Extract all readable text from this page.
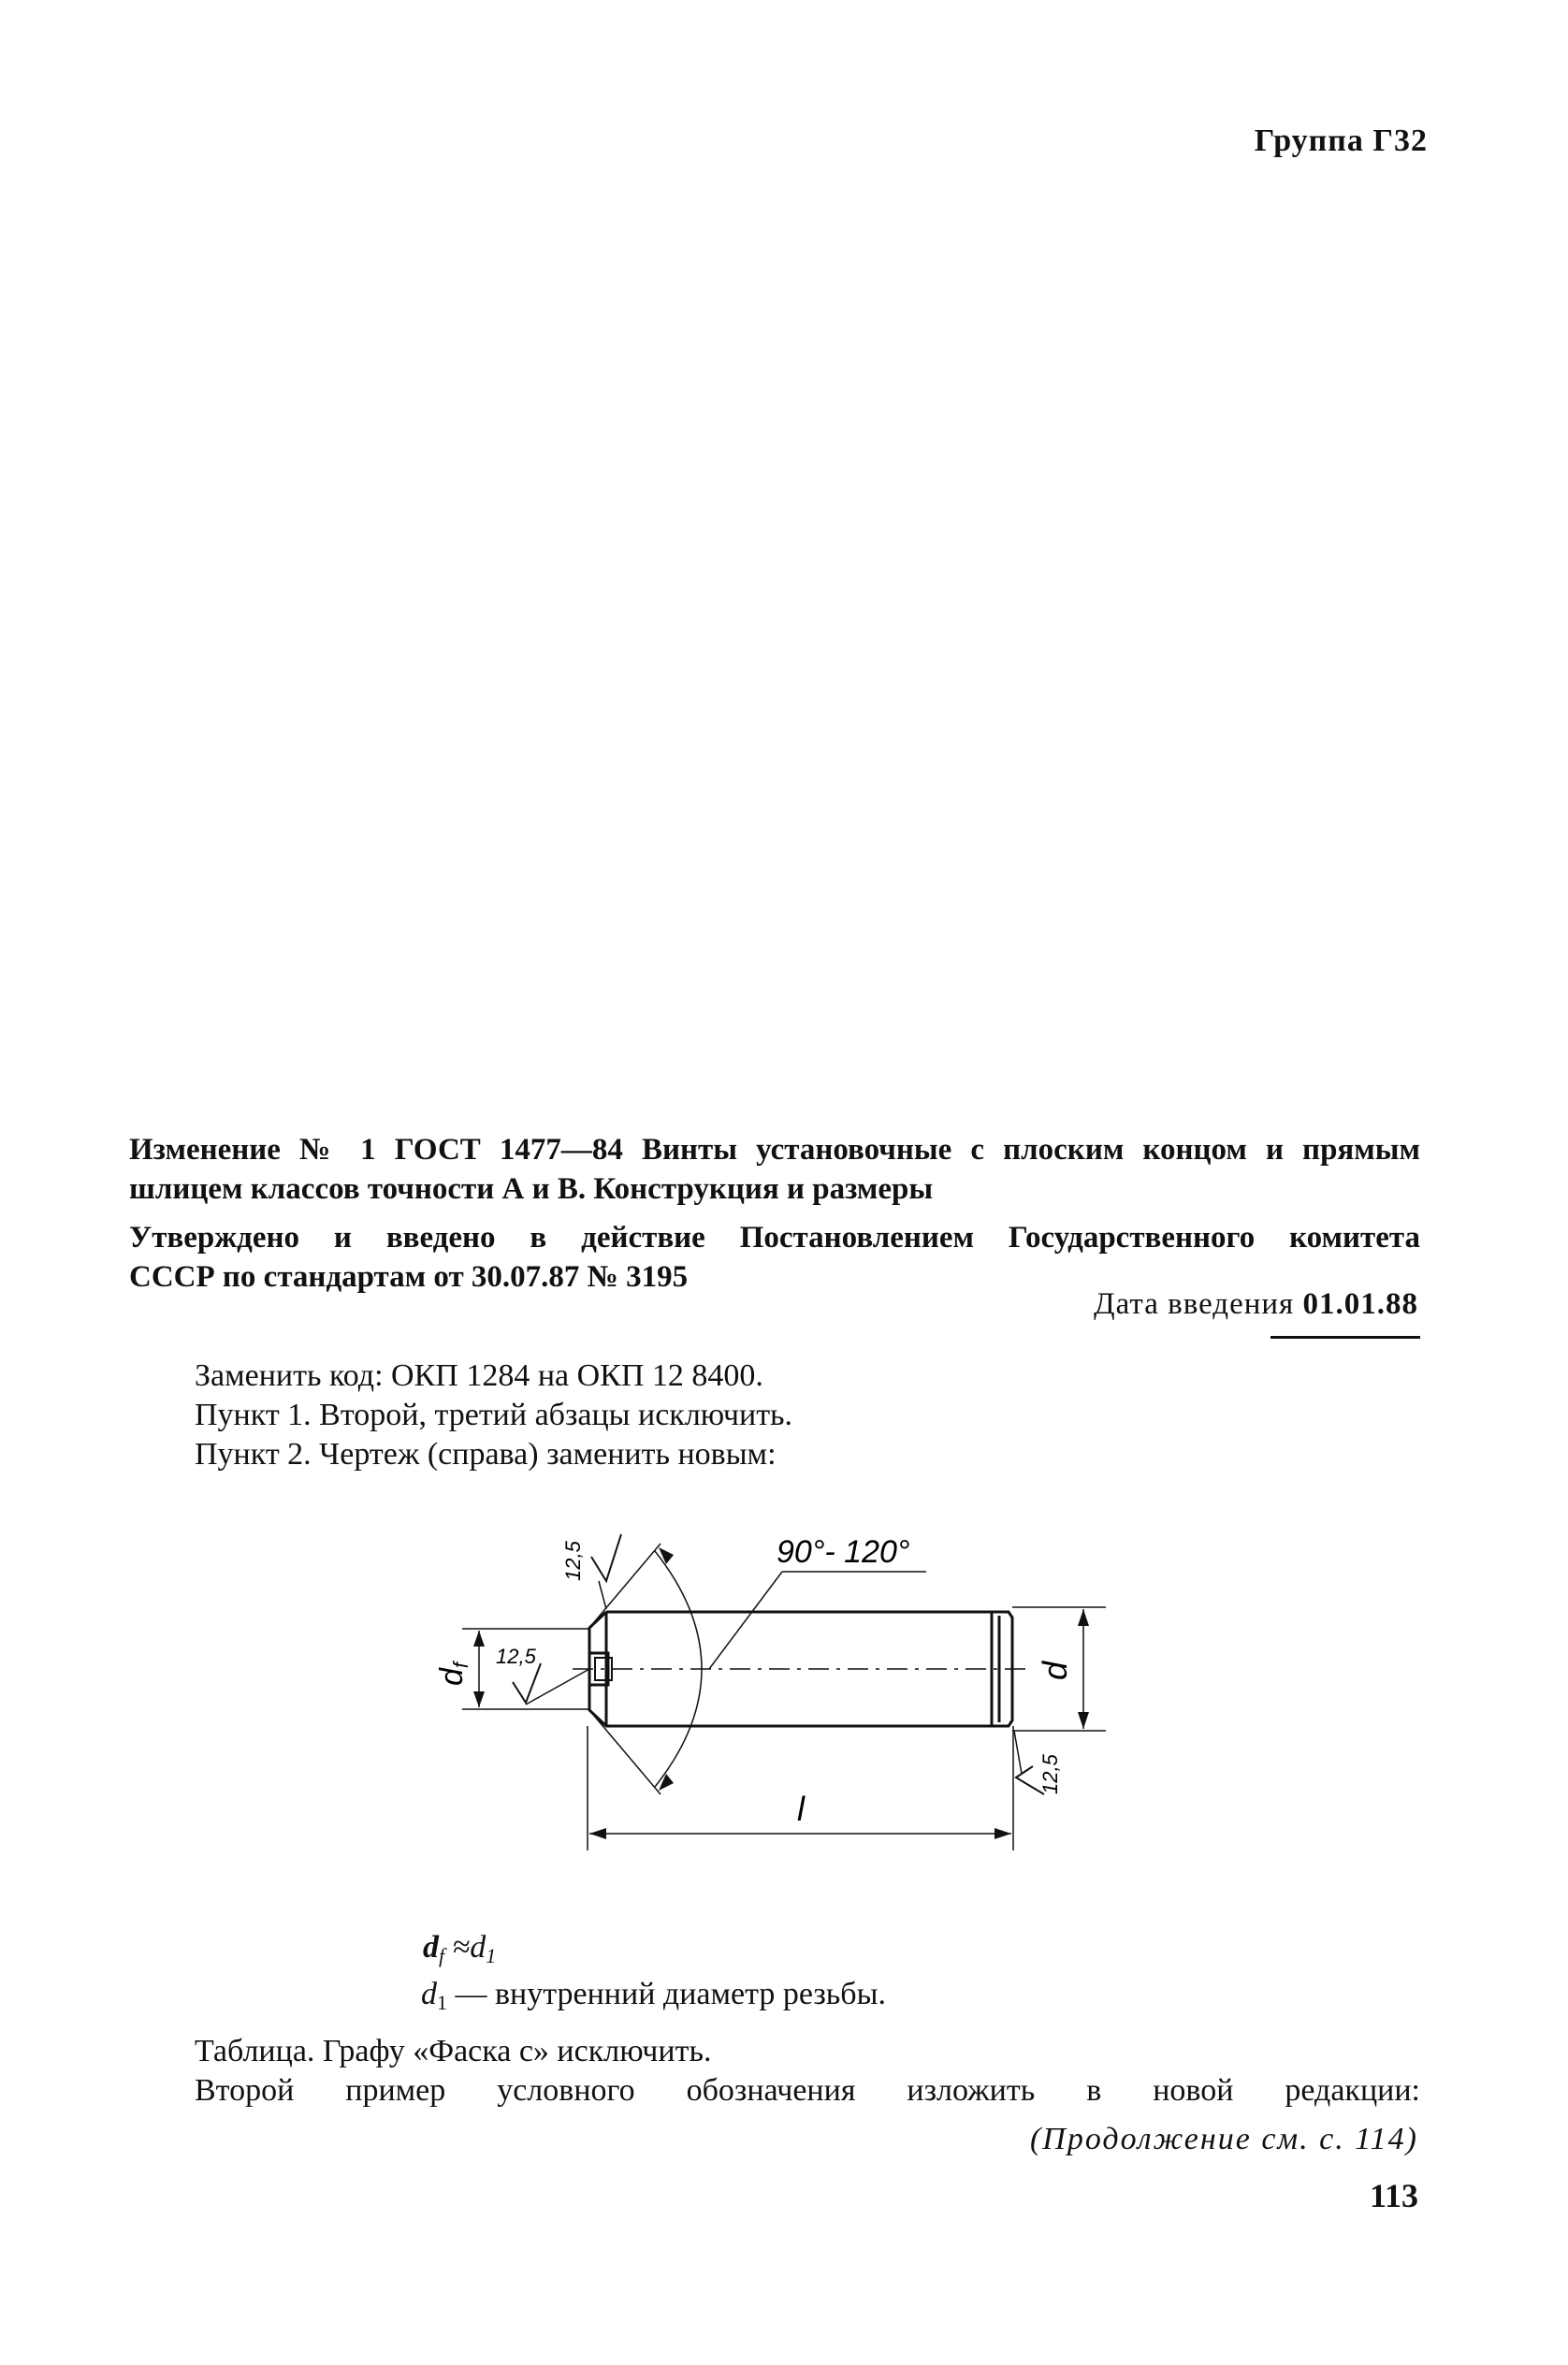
Группа Г32
Изменение № 1 ГОСТ 1477—84 Винты установочные с плоским концом и прямым
шлицем классов точности А и В. Конструкция и размеры
Утверждено и введено в действие Постановлением Государственного комитета
СССР по стандартам от 30.07.87 № 3195
Дата введения 01.01.88
Заменить код: ОКП 1284 на ОКП 12 8400.
Пункт 1. Второй, третий абзацы исключить.
Пункт 2. Чертеж (справа) заменить новым:
90°- 120°
12,5
12,5
12,5
df	d
l
$d_f \approx d_1$
$d_1$ — внутренний диаметр резьбы.
Таблица. Графу «Фаска с» исключить.
Второй пример условного обозначения изложить в новой редакции:
(Продолжение см. с. 114)
113
